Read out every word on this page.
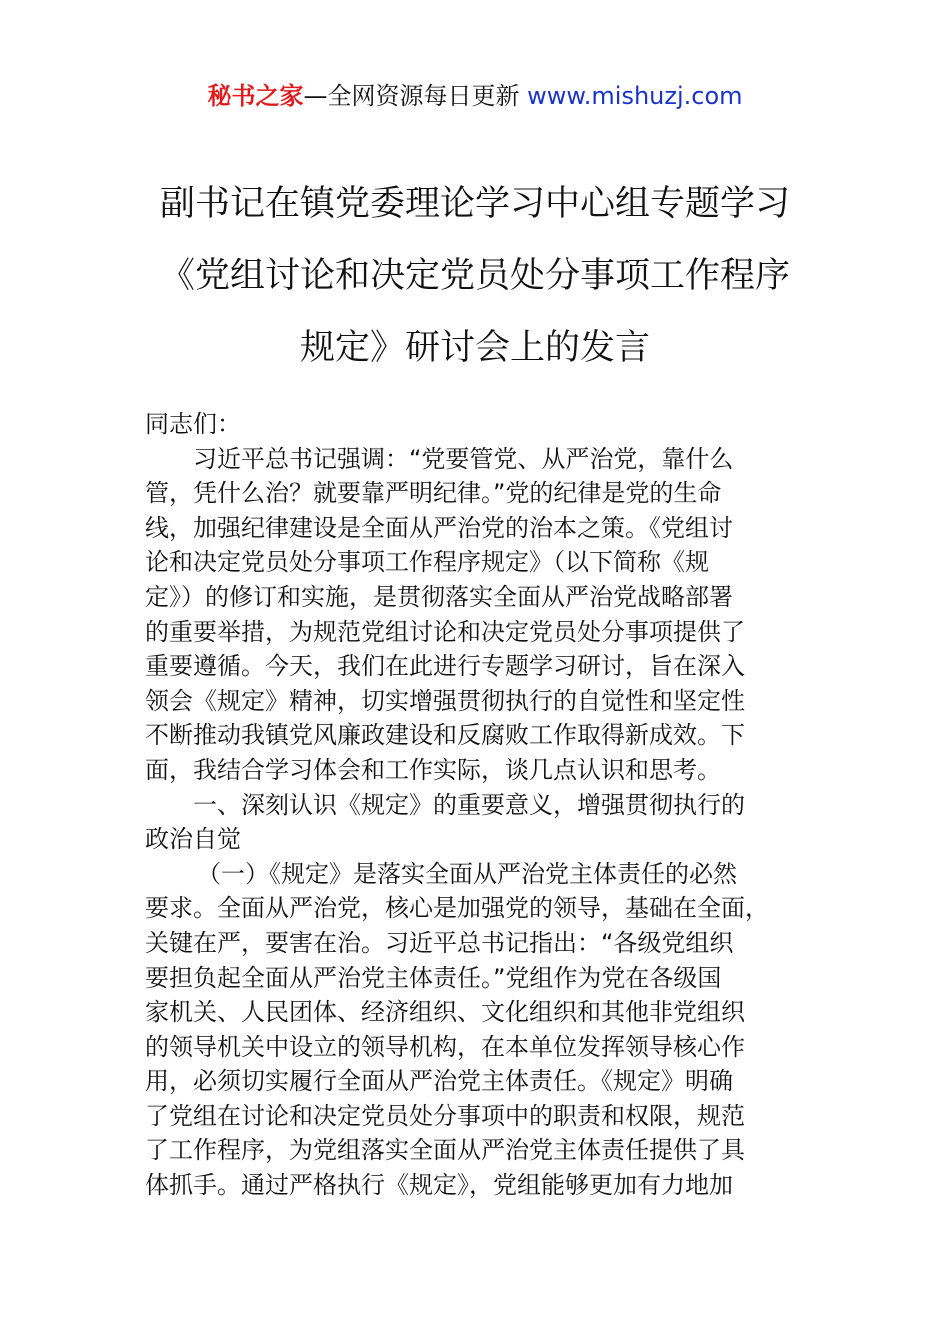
秘书之家—全网资源每日更新 www.mishuzj.com
副书记在镇党委理论学习中心组专题学习
《党组讨论和决定党员处分事项工作程序
规定》研讨会上的发言
同志们：
习近平总书记强调：“党要管党、从严治党，靠什么
管，凭什么治？就要靠严明纪律。”党的纪律是党的生命
线，加强纪律建设是全面从严治党的治本之策。《党组讨
论和决定党员处分事项工作程序规定》（以下简称《规
定》）的修订和实施，是贯彻落实全面从严治党战略部署
的重要举措，为规范党组讨论和决定党员处分事项提供了
重要遵循。今天，我们在此进行专题学习研讨，旨在深入
领会《规定》精神，切实增强贯彻执行的自觉性和坚定性
不断推动我镇党风廉政建设和反腐败工作取得新成效。下
面，我结合学习体会和工作实际，谈几点认识和思考。
一、深刻认识《规定》的重要意义，增强贯彻执行的
政治自觉
（一）《规定》是落实全面从严治党主体责任的必然
要求。全面从严治党，核心是加强党的领导，基础在全面，
关键在严，要害在治。习近平总书记指出：“各级党组织
要担负起全面从严治党主体责任。”党组作为党在各级国
家机关、人民团体、经济组织、文化组织和其他非党组织
的领导机关中设立的领导机构，在本单位发挥领导核心作
用，必须切实履行全面从严治党主体责任。《规定》明确
了党组在讨论和决定党员处分事项中的职责和权限，规范
了工作程序，为党组落实全面从严治党主体责任提供了具
体抓手。通过严格执行《规定》，党组能够更加有力地加
